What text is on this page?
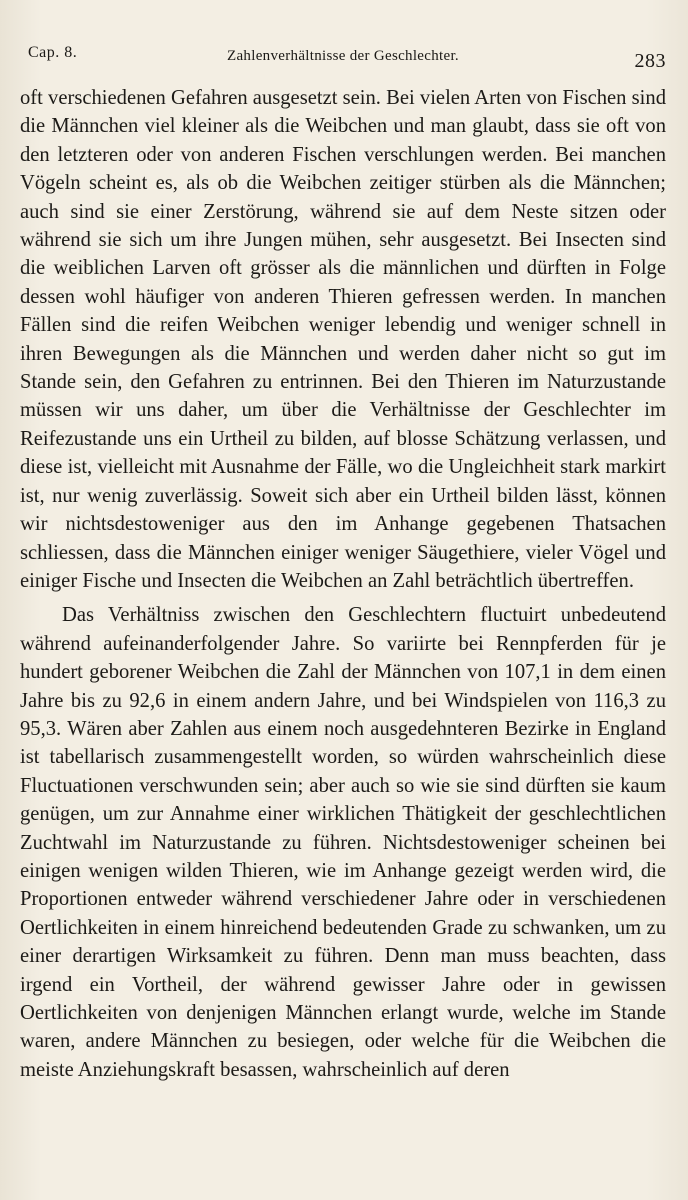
Cap. 8.	Zahlenverhältnisse der Geschlechter.	283

oft verschiedenen Gefahren ausgesetzt sein. Bei vielen Arten von Fischen sind die Männchen viel kleiner als die Weibchen und man glaubt, dass sie oft von den letzteren oder von anderen Fischen verschlungen werden. Bei manchen Vögeln scheint es, als ob die Weibchen zeitiger stürben als die Männchen; auch sind sie einer Zerstörung, während sie auf dem Neste sitzen oder während sie sich um ihre Jungen mühen, sehr ausgesetzt. Bei Insecten sind die weiblichen Larven oft grösser als die männlichen und dürften in Folge dessen wohl häufiger von anderen Thieren gefressen werden. In manchen Fällen sind die reifen Weibchen weniger lebendig und weniger schnell in ihren Bewegungen als die Männchen und werden daher nicht so gut im Stande sein, den Gefahren zu entrinnen. Bei den Thieren im Naturzustande müssen wir uns daher, um über die Verhältnisse der Geschlechter im Reifezustande uns ein Urtheil zu bilden, auf blosse Schätzung verlassen, und diese ist, vielleicht mit Ausnahme der Fälle, wo die Ungleichheit stark markirt ist, nur wenig zuverlässig. Soweit sich aber ein Urtheil bilden lässt, können wir nichtsdestoweniger aus den im Anhange gegebenen Thatsachen schliessen, dass die Männchen einiger weniger Säugethiere, vieler Vögel und einiger Fische und Insecten die Weibchen an Zahl beträchtlich übertreffen.

Das Verhältniss zwischen den Geschlechtern fluctuirt unbedeutend während aufeinanderfolgender Jahre. So variirte bei Rennpferden für je hundert geborener Weibchen die Zahl der Männchen von 107,1 in dem einen Jahre bis zu 92,6 in einem andern Jahre, und bei Windspielen von 116,3 zu 95,3. Wären aber Zahlen aus einem noch ausgedehnteren Bezirke in England ist tabellarisch zusammengestellt worden, so würden wahrscheinlich diese Fluctuationen verschwunden sein; aber auch so wie sie sind dürften sie kaum genügen, um zur Annahme einer wirklichen Thätigkeit der geschlechtlichen Zuchtwahl im Naturzustande zu führen. Nichtsdestoweniger scheinen bei einigen wenigen wilden Thieren, wie im Anhange gezeigt werden wird, die Proportionen entweder während verschiedener Jahre oder in verschiedenen Oertlichkeiten in einem hinreichend bedeutenden Grade zu schwanken, um zu einer derartigen Wirksamkeit zu führen. Denn man muss beachten, dass irgend ein Vortheil, der während gewisser Jahre oder in gewissen Oertlichkeiten von denjenigen Männchen erlangt wurde, welche im Stande waren, andere Männchen zu besiegen, oder welche für die Weibchen die meiste Anziehungskraft besassen, wahrscheinlich auf deren
